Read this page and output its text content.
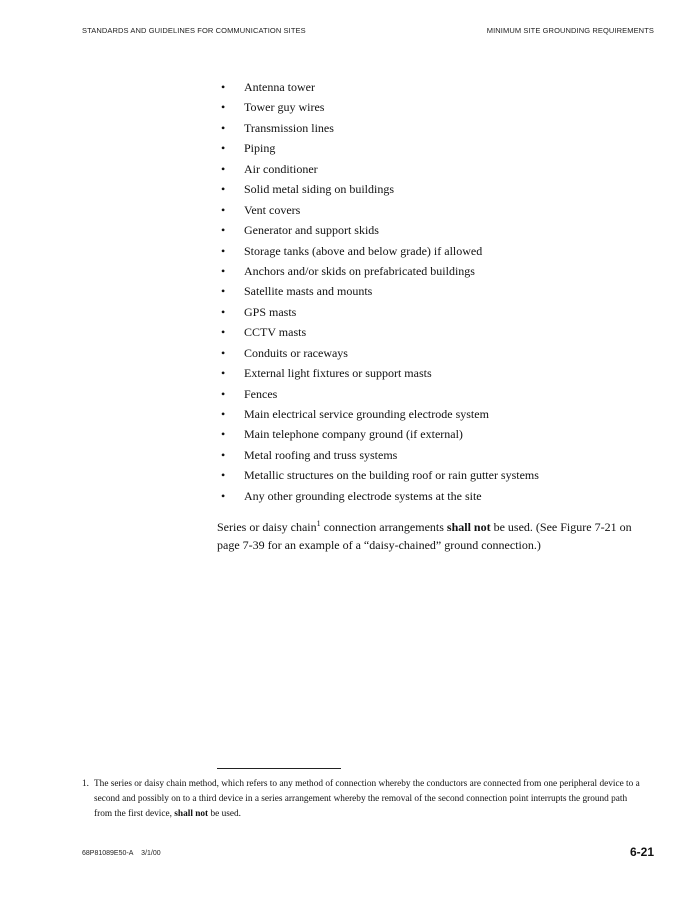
STANDARDS AND GUIDELINES FOR COMMUNICATION SITES	MINIMUM SITE GROUNDING REQUIREMENTS
• Antenna tower
• Tower guy wires
• Transmission lines
• Piping
• Air conditioner
• Solid metal siding on buildings
• Vent covers
• Generator and support skids
• Storage tanks (above and below grade) if allowed
• Anchors and/or skids on prefabricated buildings
• Satellite masts and mounts
• GPS masts
• CCTV masts
• Conduits or raceways
• External light fixtures or support masts
• Fences
• Main electrical service grounding electrode system
• Main telephone company ground (if external)
• Metal roofing and truss systems
• Metallic structures on the building roof or rain gutter systems
• Any other grounding electrode systems at the site
Series or daisy chain$^1$ connection arrangements shall not be used. (See Figure 7-21 on page 7-39 for an example of a “daisy-chained” ground connection.)
1. The series or daisy chain method, which refers to any method of connection whereby the conductors are connected from one peripheral device to a second and possibly on to a third device in a series arrangement whereby the removal of the second connection point interrupts the ground path from the first device, shall not be used.
68P81089E50-A 3/1/00	6-21
